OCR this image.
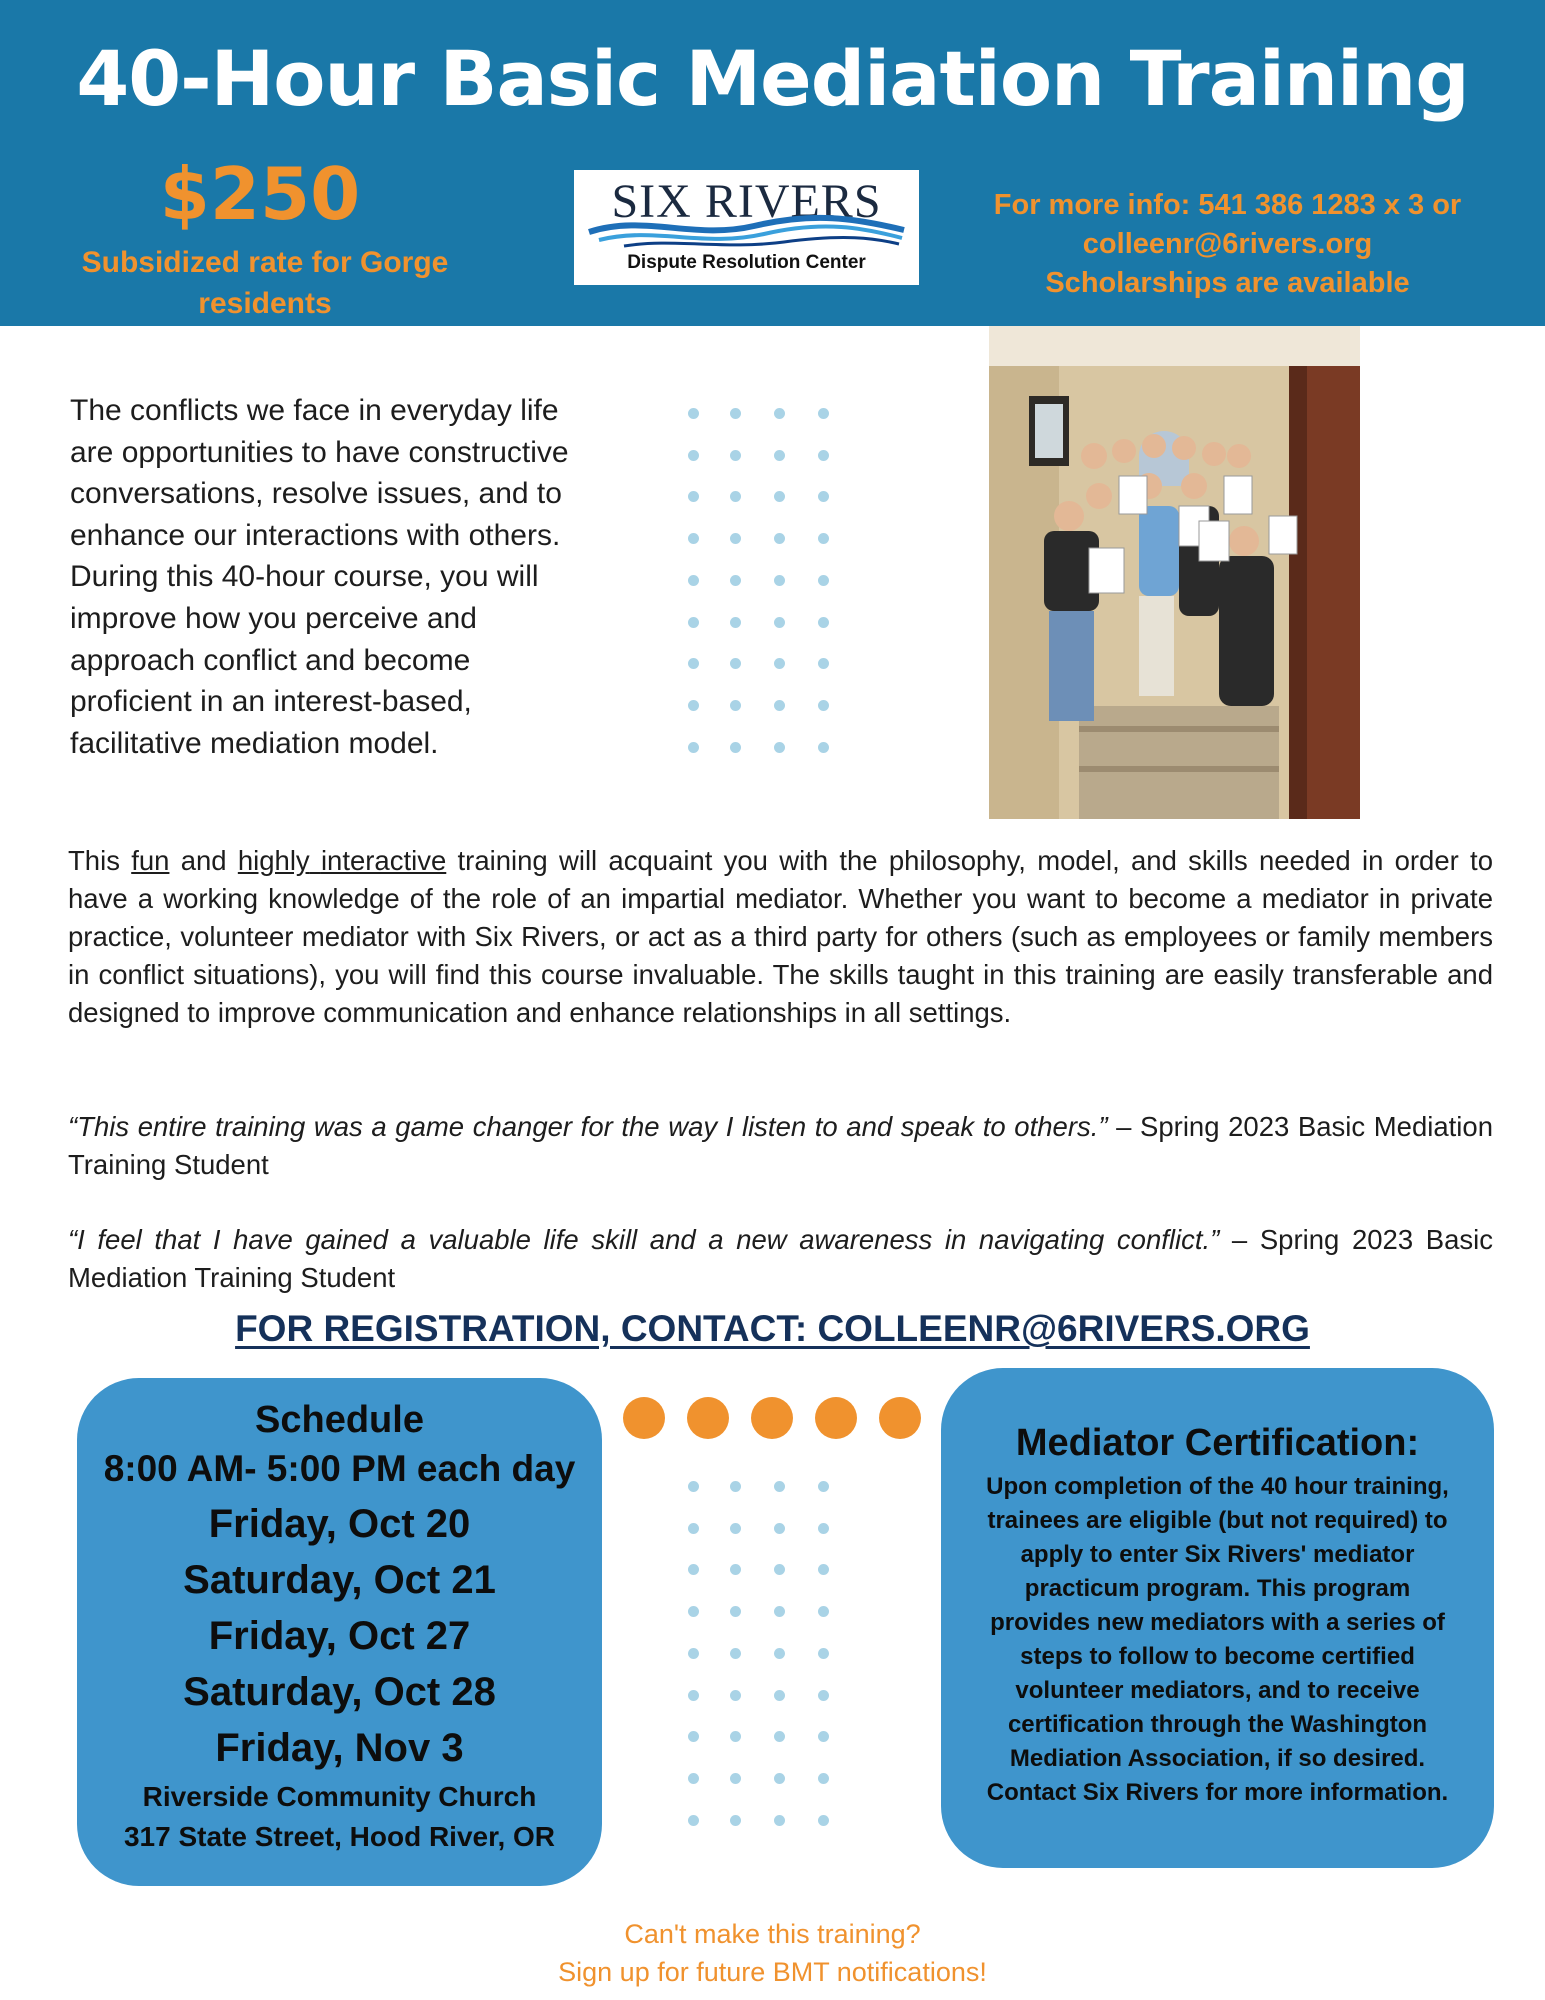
40-Hour Basic Mediation Training
$250
Subsidized rate for Gorge
residents
SIX RIVERS
Dispute Resolution Center
For more info: 541 386 1283 x 3 or
colleenr@6rivers.org
Scholarships are available
The conflicts we face in everyday life
are opportunities to have constructive
conversations, resolve issues, and to
enhance our interactions with others.
During this 40-hour course, you will
improve how you perceive and
approach conflict and become
proficient in an interest-based,
facilitative mediation model.
This fun and highly interactive training will acquaint you with the philosophy, model, and skills needed in order to have a working knowledge of the role of an impartial mediator. Whether you want to become a mediator in private practice, volunteer mediator with Six Rivers, or act as a third party for others (such as employees or family members in conflict situations), you will find this course invaluable. The skills taught in this training are easily transferable and designed to improve communication and enhance relationships in all settings.
“This entire training was a game changer for the way I listen to and speak to others.” – Spring 2023 Basic Mediation Training Student
“I feel that I have gained a valuable life skill and a new awareness in navigating conflict.” – Spring 2023 Basic Mediation Training Student
FOR REGISTRATION, CONTACT: COLLEENR@6RIVERS.ORG
Schedule
8:00 AM- 5:00 PM each day
Friday, Oct 20
Saturday, Oct 21
Friday, Oct 27
Saturday, Oct 28
Friday, Nov 3
Riverside Community Church
317 State Street, Hood River, OR
Mediator Certification:
Upon completion of the 40 hour training,
trainees are eligible (but not required) to
apply to enter Six Rivers' mediator
practicum program. This program
provides new mediators with a series of
steps to follow to become certified
volunteer mediators, and to receive
certification through the Washington
Mediation Association, if so desired.
Contact Six Rivers for more information.
Can't make this training?
Sign up for future BMT notifications!
